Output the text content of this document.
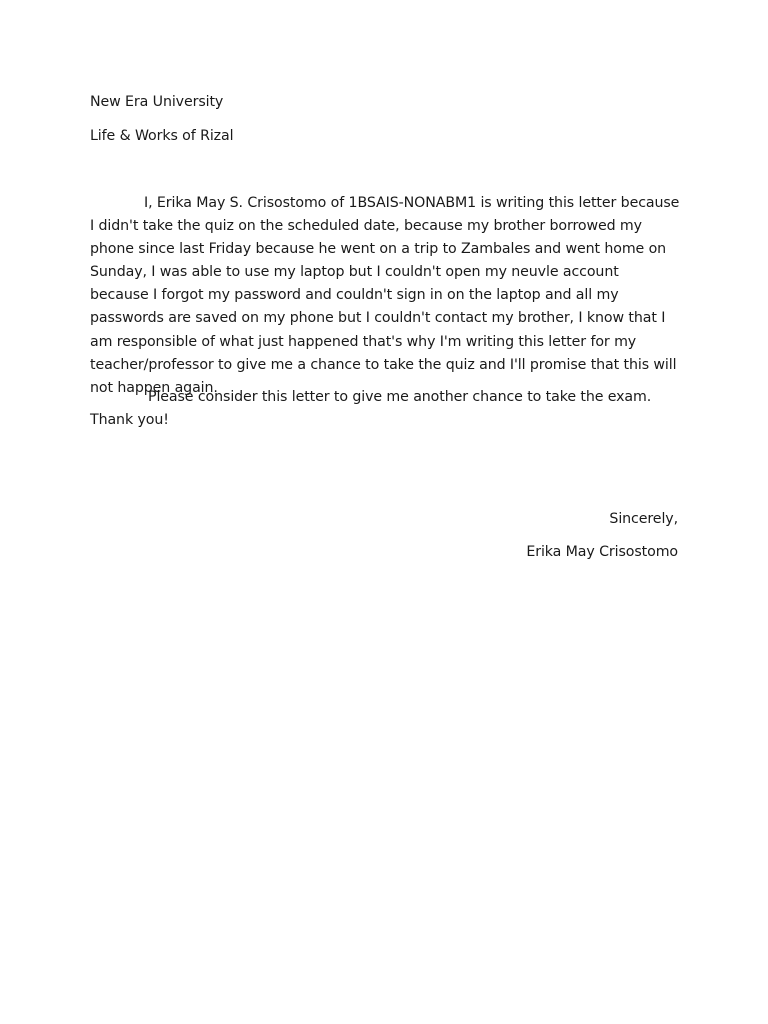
New Era University

Life & Works of Rizal

I, Erika May S. Crisostomo of 1BSAIS-NONABM1 is writing this letter because I didn't take the quiz on the scheduled date, because my brother borrowed my phone since last Friday because he went on a trip to Zambales and went home on Sunday, I was able to use my laptop but I couldn't open my neuvle account because I forgot my password and couldn't sign in on the laptop and all my passwords are saved on my phone but I couldn't contact my brother, I know that I am responsible of what just happened that's why I'm writing this letter for my teacher/professor to give me a chance to take the quiz and I'll promise that this will not happen again.

Please consider this letter to give me another chance to take the exam. Thank you!

Sincerely,

Erika May Crisostomo
